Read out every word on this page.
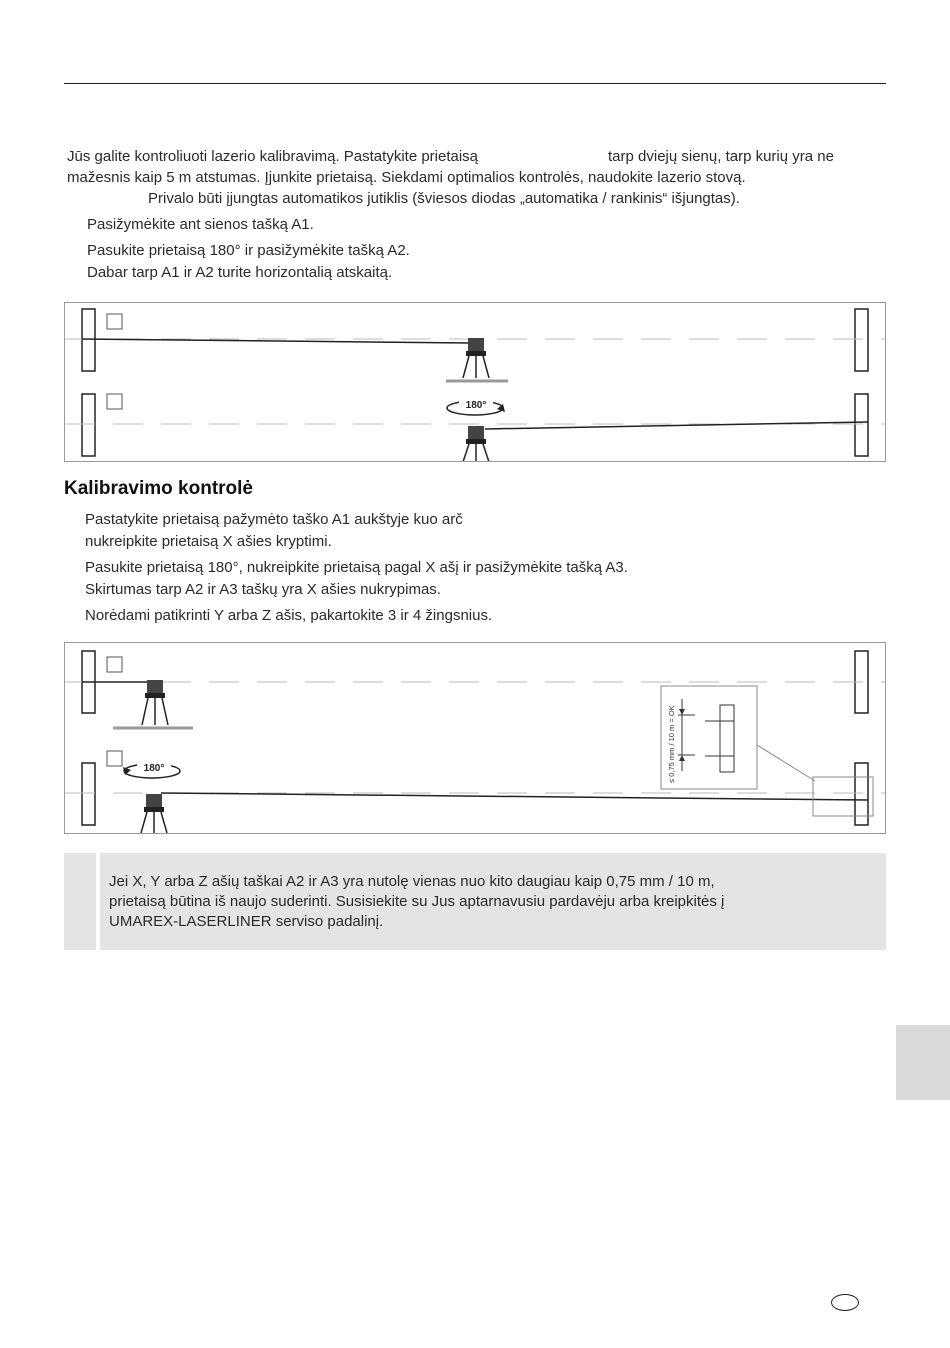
Jūs galite kontroliuoti lazerio kalibravimą. Pastatykite prietaisą	tarp dviejų sienų, tarp kurių yra ne
mažesnis kaip 5 m atstumas. Įjunkite prietaisą. Siekdami optimalios kontrolės, naudokite lazerio stovą.
Privalo būti įjungtas automatikos jutiklis (šviesos diodas „automatika / rankinis“ išjungtas).
Pasižymėkite ant sienos tašką A1.
Pasukite prietaisą 180° ir pasižymėkite tašką A2.
Dabar tarp A1 ir A2 turite horizontalią atskaitą.
180°
Kalibravimo kontrolė
Pastatykite prietaisą pažymėto taško A1 aukštyje kuo arč
nukreipkite prietaisą X ašies kryptimi.
Pasukite prietaisą 180°, nukreipkite prietaisą pagal X ašį ir pasižymėkite tašką A3.
Skirtumas tarp A2 ir A3 taškų yra X ašies nukrypimas.
Norėdami patikrinti Y arba Z ašis, pakartokite 3 ir 4 žingsnius.
≤ 0,75 mm / 10 m = OK
180°
Jei X, Y arba Z ašių taškai A2 ir A3 yra nutolę vienas nuo kito daugiau kaip 0,75 mm / 10 m,
prietaisą būtina iš naujo suderinti. Susisiekite su Jus aptarnavusiu pardavėju arba kreipkitės į
UMAREX-LASERLINER serviso padalinį.
